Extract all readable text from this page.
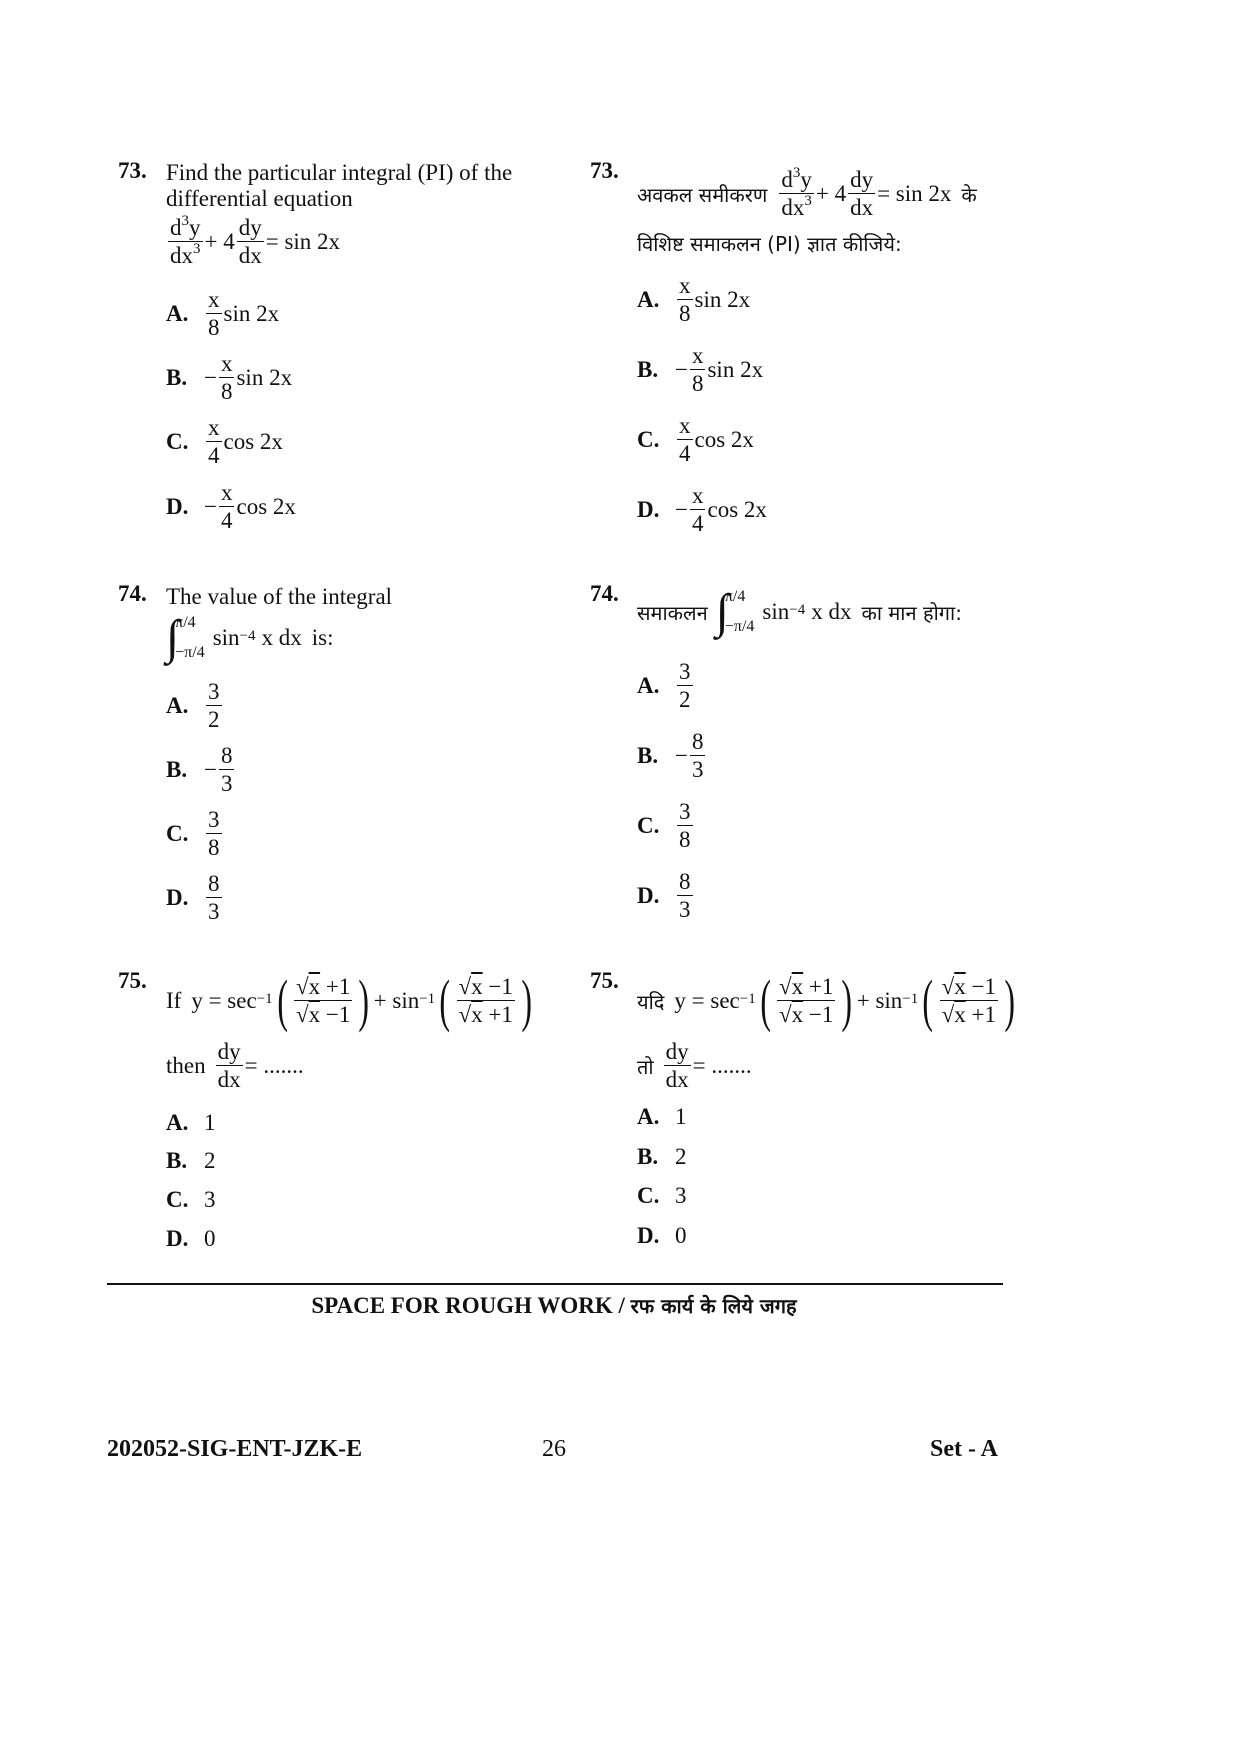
73. Find the particular integral (PI) of the
differential equation
$\frac{d^3y}{dx^3} + 4 \frac{dy}{dx} = \sin 2x$
A. $\frac{x}{8}$ sin 2x
B. − $\frac{x}{8}$ sin 2x
C. $\frac{x}{4}$ cos 2x
D. − $\frac{x}{4}$ cos 2x
73.
अवकल समीकरण $\frac{d^3y}{dx^3} + 4 \frac{dy}{dx} = \sin 2x$ के
विशिष्ट समाकलन (PI) ज्ञात कीजिये:
A. $\frac{x}{8}$ sin 2x
B. − $\frac{x}{8}$ sin 2x
C. $\frac{x}{4}$ cos 2x
D. − $\frac{x}{4}$ cos 2x
74. The value of the integral
∫
π/4
−π/4
$\sin^{-4} x$ dx is:
A. $\frac{3}{2}$
B. − $\frac{8}{3}$
C. $\frac{3}{8}$
D. $\frac{8}{3}$
74.
समाकलन ∫
π/4
−π/4
$\sin^{-4} x$ dx का मान होगा:
A. $\frac{3}{2}$
B. − $\frac{8}{3}$
C. $\frac{3}{8}$
D. $\frac{8}{3}$
75.
If $y = \sec^{-1}$ ( $\frac{√x +1}{√x -1}$ ) + $\sin^{-1}$ ( $\frac{√x -1}{√x +1}$ )
then $\frac{dy}{dx}$ = .......
A. 1
B. 2
C. 3
D. 0
75.
यदि $y = \sec^{-1}$ ( $\frac{√x +1}{√x -1}$ ) + $\sin^{-1}$ ( $\frac{√x -1}{√x +1}$ )
तो $\frac{dy}{dx}$ = .......
A. 1
B. 2
C. 3
D. 0
SPACE FOR ROUGH WORK / रफ कार्य के लिये जगह
202052-SIG-ENT-JZK-E	26	Set - A
